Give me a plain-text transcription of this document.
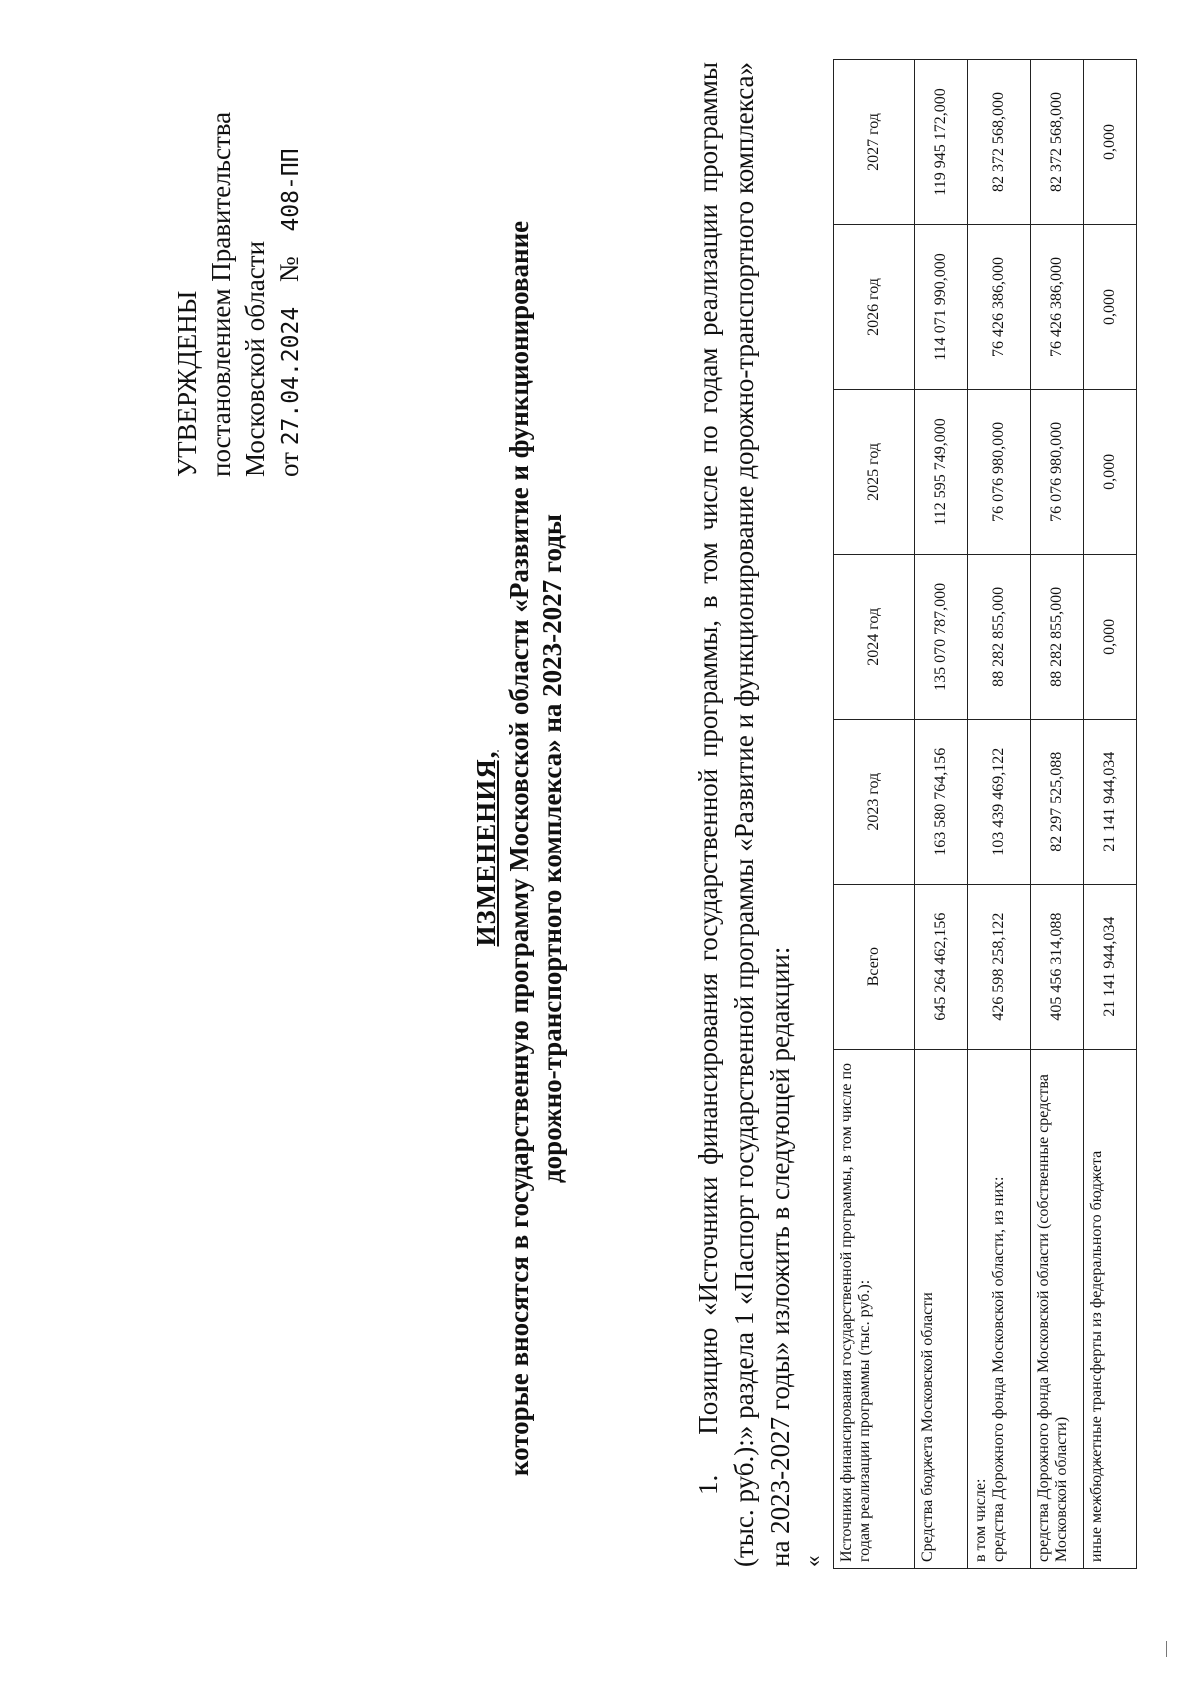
УТВЕРЖДЕНЫ постановлением Правительства Московской области от 27.04.2024 № 408-ПП
ИЗМЕНЕНИЯ, которые вносятся в государственную программу Московской области «Развитие и функционирование дорожно-транспортного комплекса» на 2023-2027 годы
1.Позицию «Источники финансирования государственной программы, в том числе по годам реализации программы (тыс. руб.):» раздела 1 «Паспорт государственной программы «Развитие и функционирование дорожно-транспортного комплекса» на 2023-2027 годы» изложить в следующей редакции: « Источники финансирования государственной программы, в том числе по годам реализации программы (тыс. руб.):	Всего	2023 год	2024 год	2025 год	2026 год	2027 год
Средства бюджета Московской области	645 264 462,156	163 580 764,156	135 070 787,000	112 595 749,000	114 071 990,000	119 945 172,000

в том числе: средства Дорожного фонда Московской области, из них:	426 598 258,122	103 439 469,122	88 282 855,000	76 076 980,000	76 426 386,000	82 372 568,000
средства Дорожного фонда Московской области (собственные средства Московской области)	405 456 314,088	82 297 525,088	88 282 855,000	76 076 980,000	76 426 386,000	82 372 568,000
иные межбюджетные трансферты из федерального бюджета	21 141 944,034	21 141 944,034	0,000	0,000	0,000	0,000
